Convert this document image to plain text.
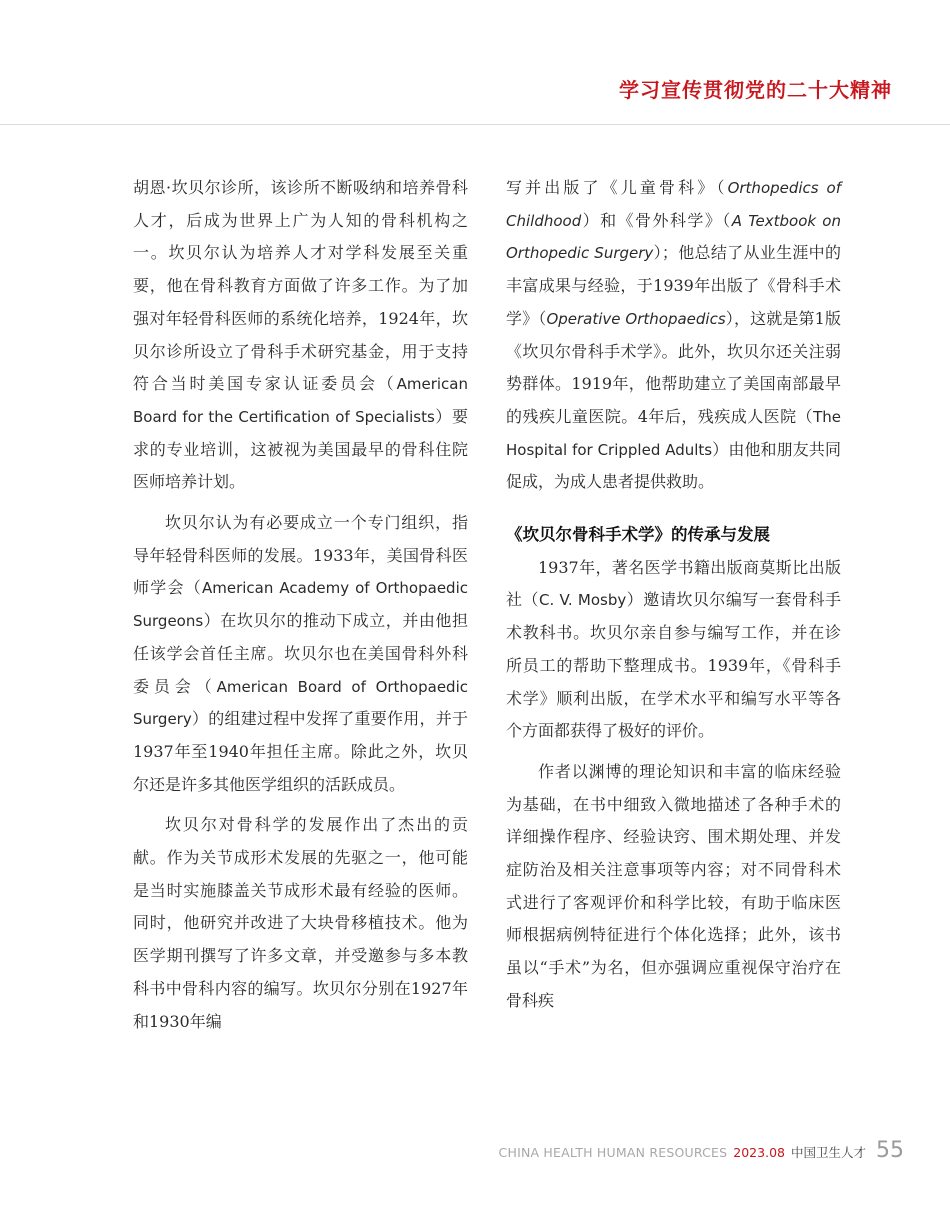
学习宣传贯彻党的二十大精神

胡恩·坎贝尔诊所，该诊所不断吸纳和培养骨科人才，后成为世界上广为人知的骨科机构之一。坎贝尔认为培养人才对学科发展至关重要，他在骨科教育方面做了许多工作。为了加强对年轻骨科医师的系统化培养，1924年，坎贝尔诊所设立了骨科手术研究基金，用于支持符合当时美国专家认证委员会（American Board for the Certification of Specialists）要求的专业培训，这被视为美国最早的骨科住院医师培养计划。

坎贝尔认为有必要成立一个专门组织，指导年轻骨科医师的发展。1933年，美国骨科医师学会（American Academy of Orthopaedic Surgeons）在坎贝尔的推动下成立，并由他担任该学会首任主席。坎贝尔也在美国骨科外科委员会（American Board of Orthopaedic Surgery）的组建过程中发挥了重要作用，并于1937年至1940年担任主席。除此之外，坎贝尔还是许多其他医学组织的活跃成员。

坎贝尔对骨科学的发展作出了杰出的贡献。作为关节成形术发展的先驱之一，他可能是当时实施膝盖关节成形术最有经验的医师。同时，他研究并改进了大块骨移植技术。他为医学期刊撰写了许多文章，并受邀参与多本教科书中骨科内容的编写。坎贝尔分别在1927年和1930年编

写并出版了《儿童骨科》（Orthopedics of Childhood）和《骨外科学》（A Textbook on Orthopedic Surgery）；他总结了从业生涯中的丰富成果与经验，于1939年出版了《骨科手术学》（Operative Orthopaedics），这就是第1版《坎贝尔骨科手术学》。此外，坎贝尔还关注弱势群体。1919年，他帮助建立了美国南部最早的残疾儿童医院。4年后，残疾成人医院（The Hospital for Crippled Adults）由他和朋友共同促成，为成人患者提供救助。

《坎贝尔骨科手术学》的传承与发展

1937年，著名医学书籍出版商莫斯比出版社（C. V. Mosby）邀请坎贝尔编写一套骨科手术教科书。坎贝尔亲自参与编写工作，并在诊所员工的帮助下整理成书。1939年，《骨科手术学》顺利出版，在学术水平和编写水平等各个方面都获得了极好的评价。

作者以渊博的理论知识和丰富的临床经验为基础，在书中细致入微地描述了各种手术的详细操作程序、经验诀窍、围术期处理、并发症防治及相关注意事项等内容；对不同骨科术式进行了客观评价和科学比较，有助于临床医师根据病例特征进行个体化选择；此外，该书虽以“手术”为名，但亦强调应重视保守治疗在骨科疾

CHINA HEALTH HUMAN RESOURCES 2023.08 中国卫生人才 55
